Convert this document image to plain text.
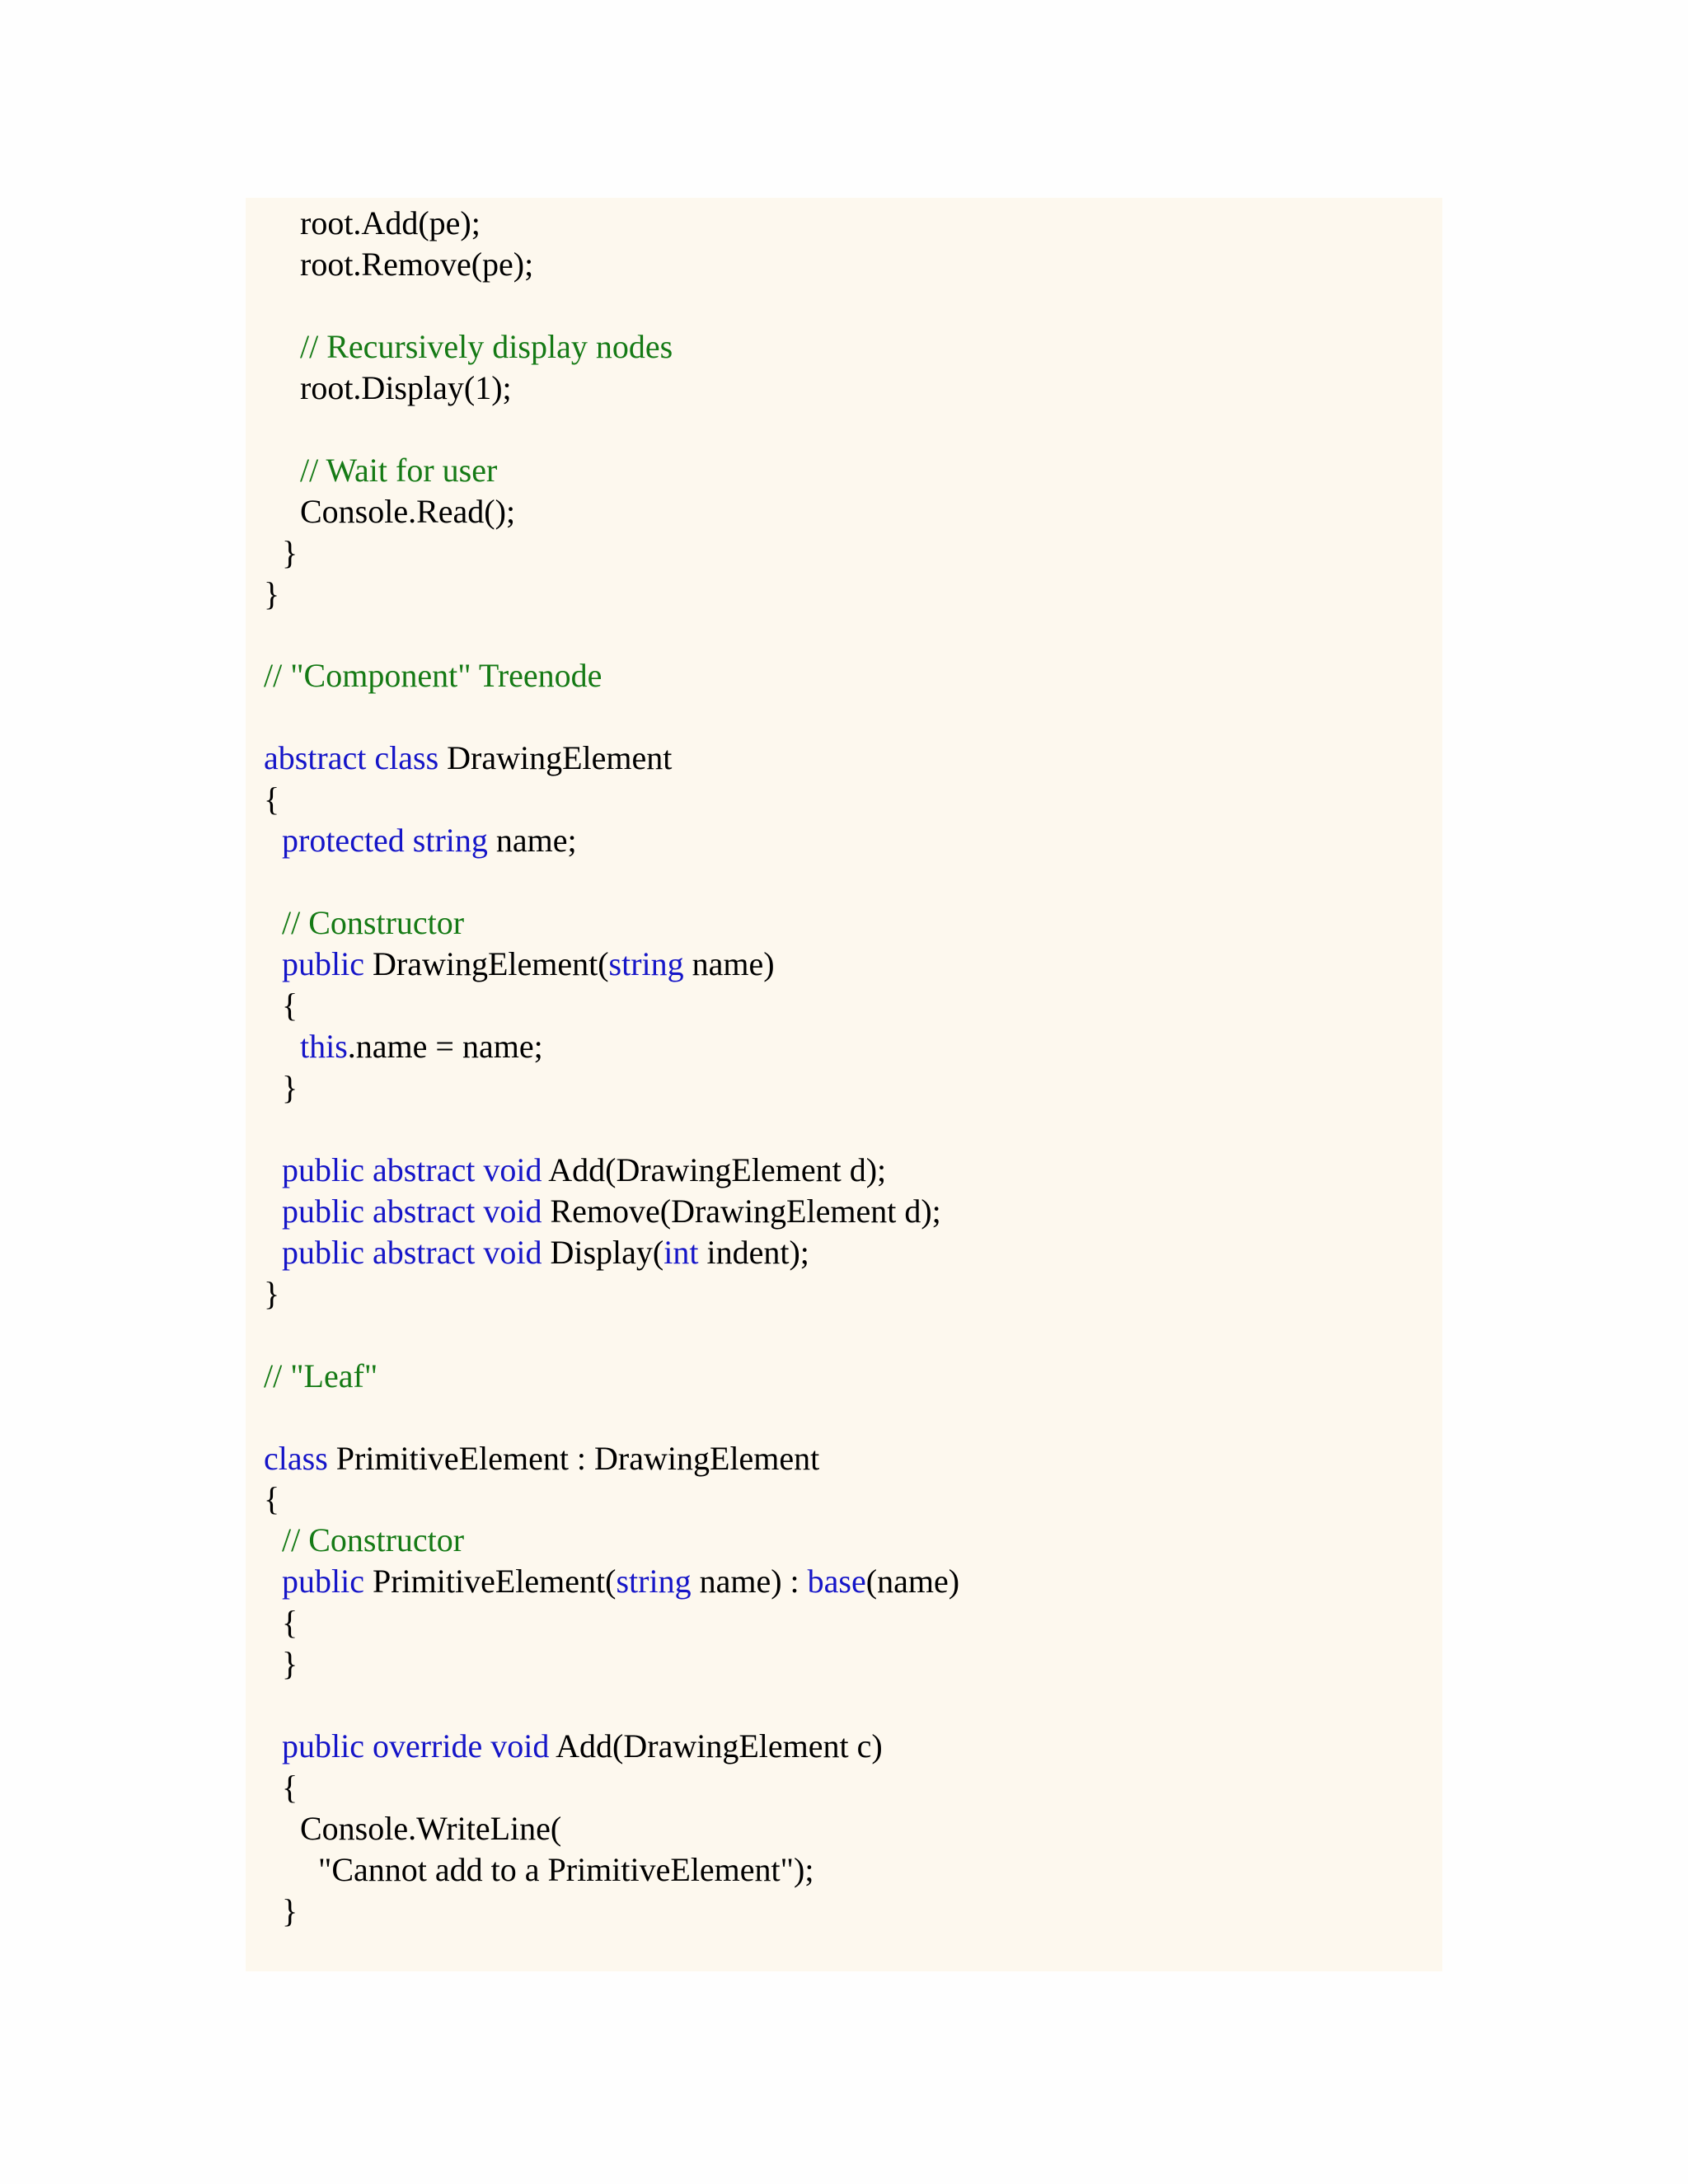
root.Add(pe);
root.Remove(pe);
// Recursively display nodes
root.Display(1);
// Wait for user
Console.Read();
}
}
// "Component" Treenode
abstract class DrawingElement
{
protected string name;
// Constructor
public DrawingElement(string name)
{
this.name = name;
}
public abstract void Add(DrawingElement d);
public abstract void Remove(DrawingElement d);
public abstract void Display(int indent);
}
// "Leaf"
class PrimitiveElement : DrawingElement
{
// Constructor
public PrimitiveElement(string name) : base(name)
{
}
public override void Add(DrawingElement c)
{
Console.WriteLine(
"Cannot add to a PrimitiveElement");
}
